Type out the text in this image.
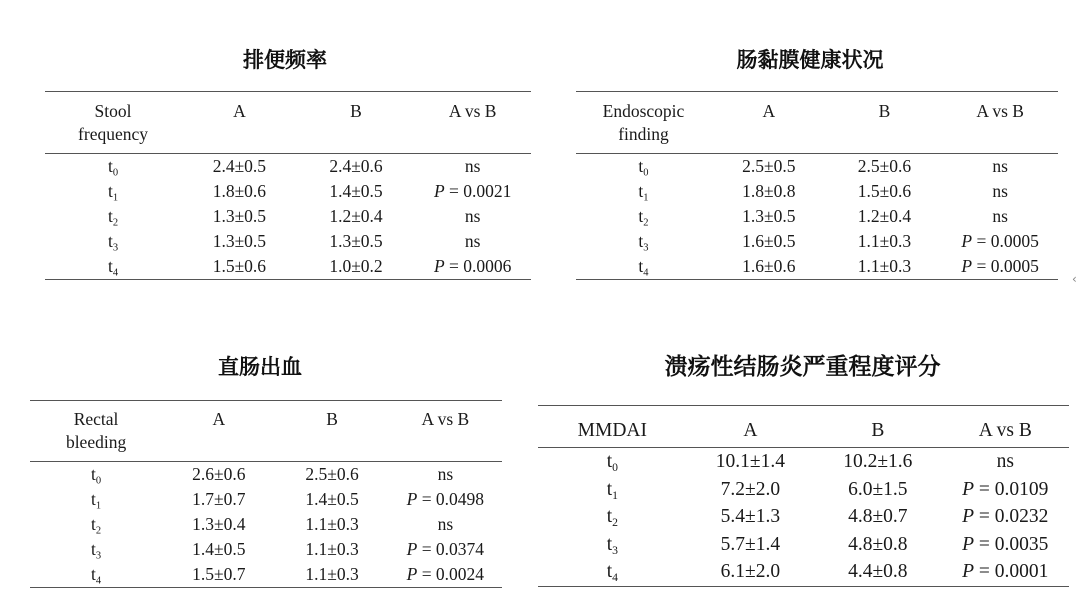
排便频率
Stool
frequency	A	B	A vs B
$t_0$	2.4±0.5	2.4±0.6	ns
$t_1$	1.8±0.6	1.4±0.5	P = 0.0021
$t_2$	1.3±0.5	1.2±0.4	ns
$t_3$	1.3±0.5	1.3±0.5	ns
$t_4$	1.5±0.6	1.0±0.2	P = 0.0006
肠黏膜健康状况
Endoscopic
finding	A	B	A vs B
$t_0$	2.5±0.5	2.5±0.6	ns
$t_1$	1.8±0.8	1.5±0.6	ns
$t_2$	1.3±0.5	1.2±0.4	ns
$t_3$	1.6±0.5	1.1±0.3	P = 0.0005
$t_4$	1.6±0.6	1.1±0.3	P = 0.0005
直肠出血
Rectal
bleeding	A	B	A vs B
$t_0$	2.6±0.6	2.5±0.6	ns
$t_1$	1.7±0.7	1.4±0.5	P = 0.0498
$t_2$	1.3±0.4	1.1±0.3	ns
$t_3$	1.4±0.5	1.1±0.3	P = 0.0374
$t_4$	1.5±0.7	1.1±0.3	P = 0.0024
溃疡性结肠炎严重程度评分
MMDAI	A	B	A vs B
$t_0$	10.1±1.4	10.2±1.6	ns
$t_1$	7.2±2.0	6.0±1.5	P = 0.0109
$t_2$	5.4±1.3	4.8±0.7	P = 0.0232
$t_3$	5.7±1.4	4.8±0.8	P = 0.0035
$t_4$	6.1±2.0	4.4±0.8	P = 0.0001
‹
